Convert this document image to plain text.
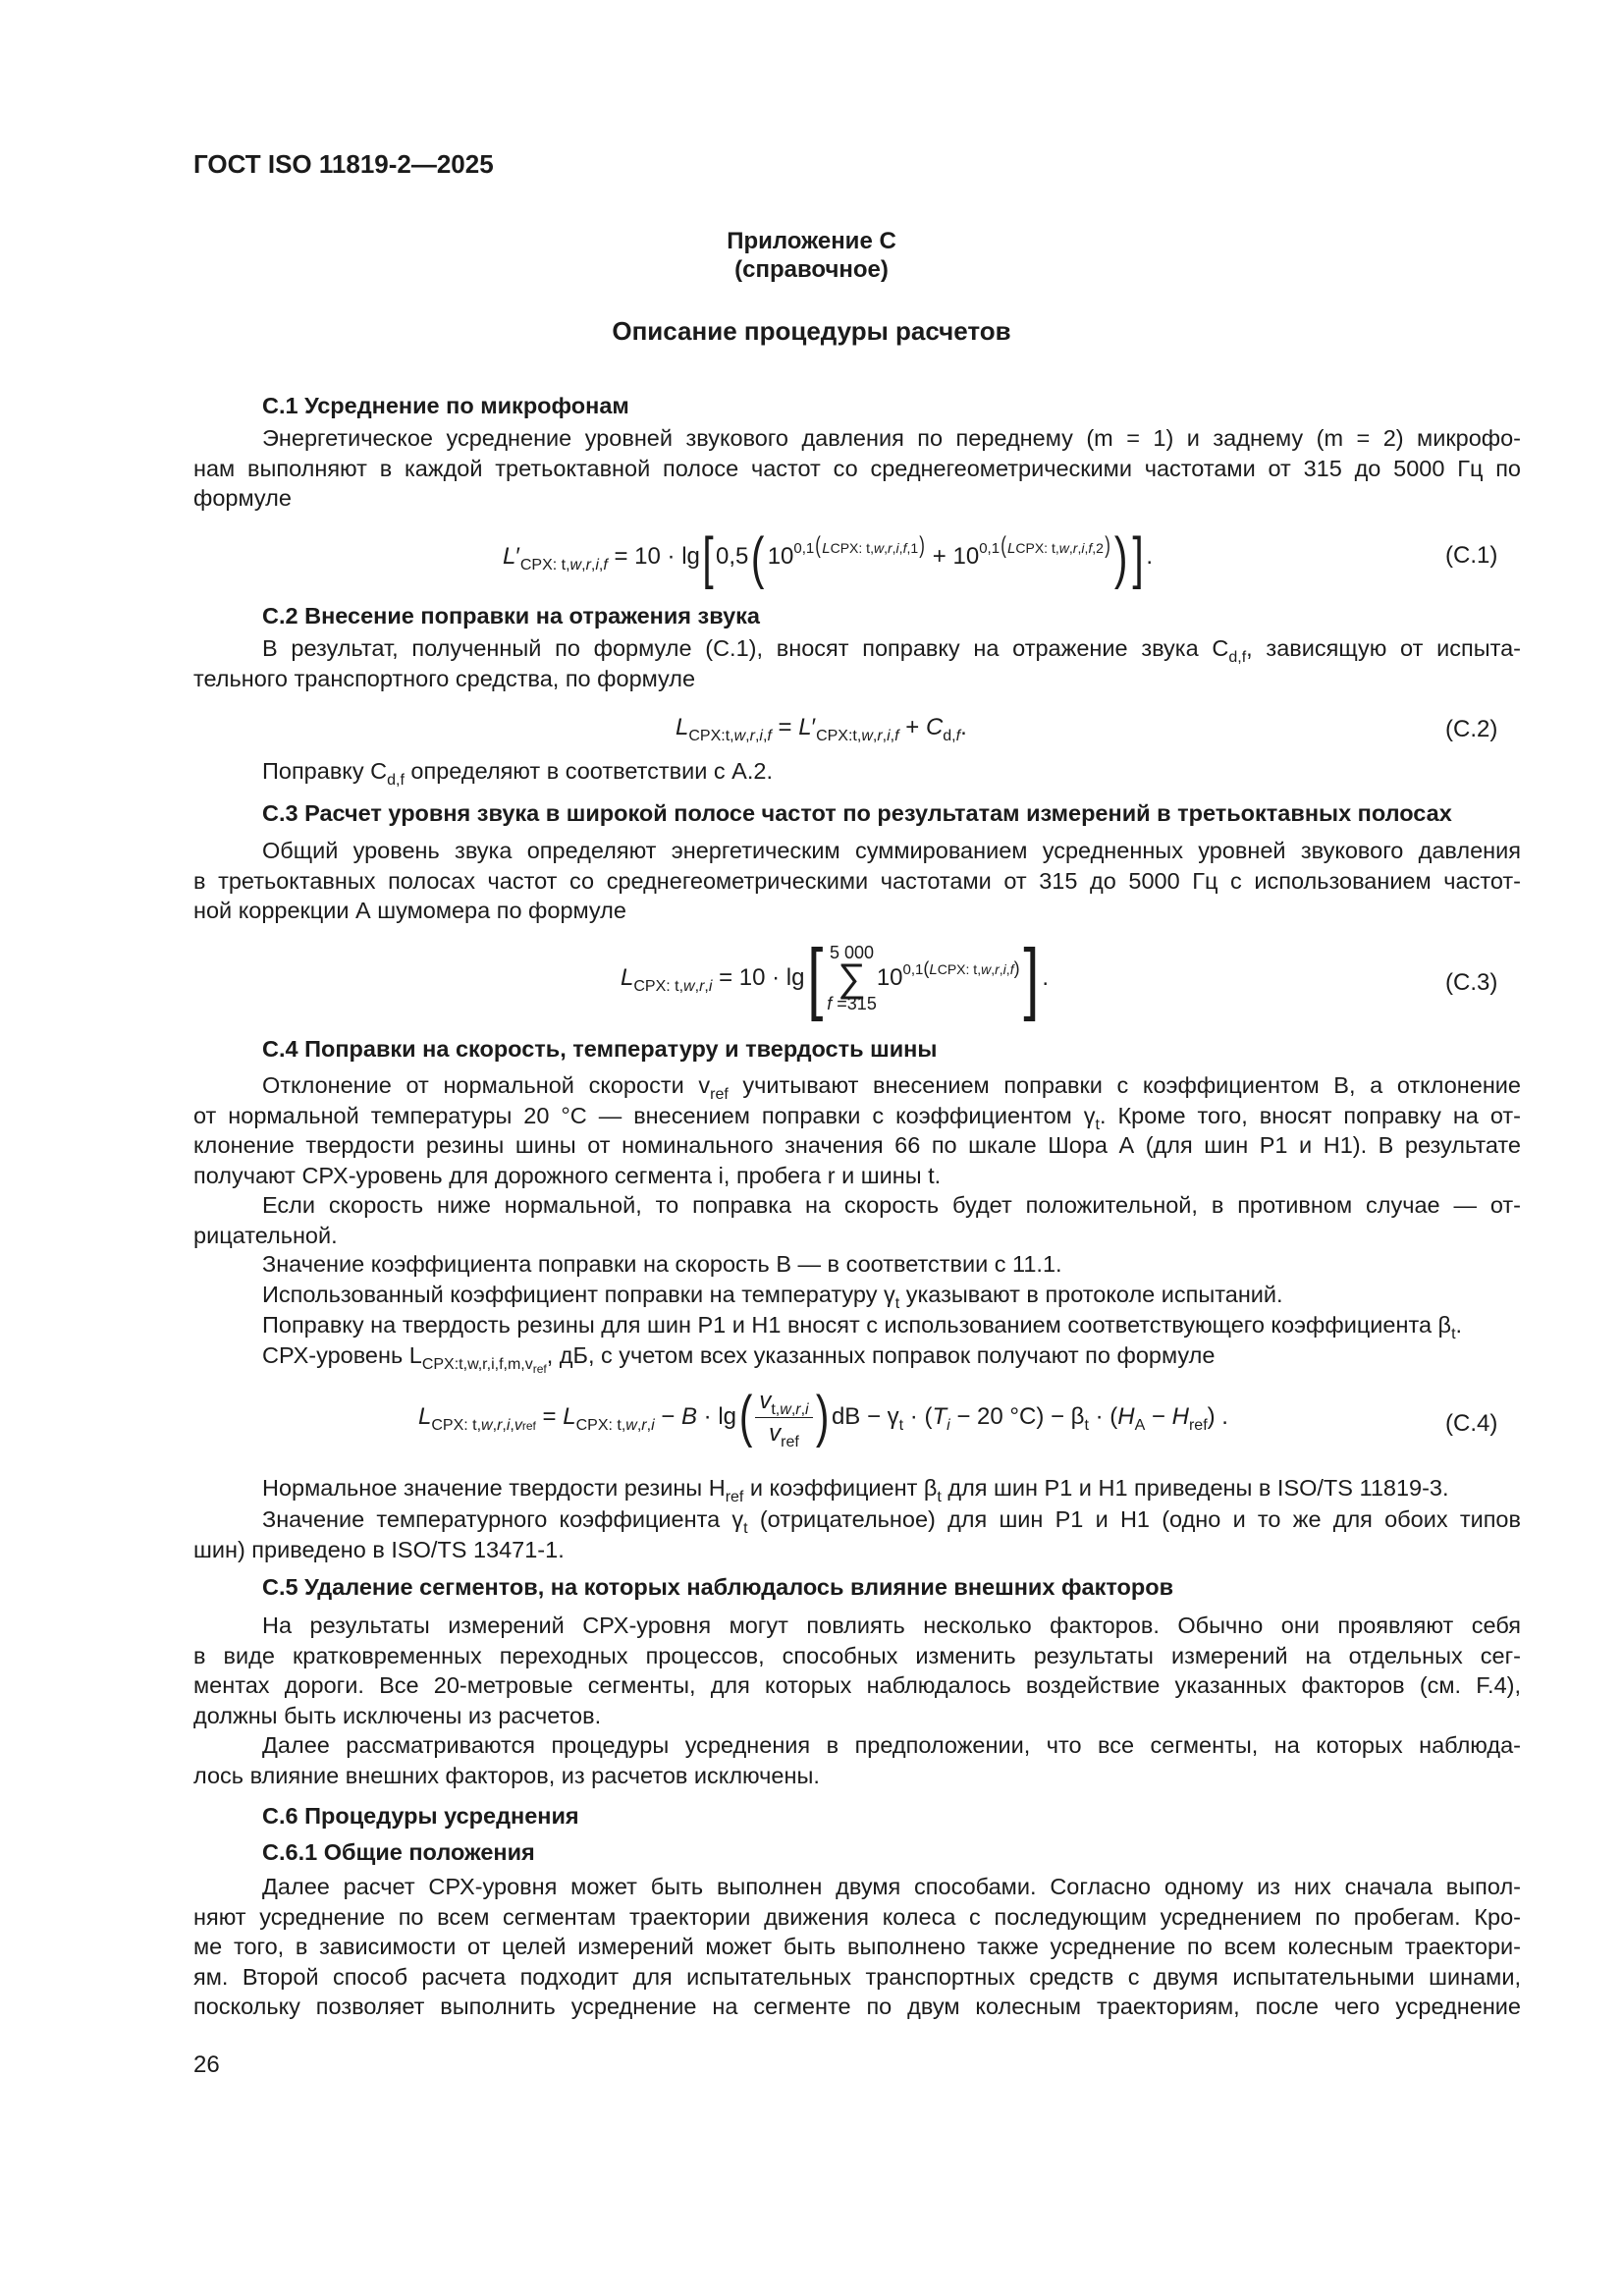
ГОСТ ISO 11819-2—2025
Приложение С
(справочное)
Описание процедуры расчетов
С.1 Усреднение по микрофонам
Энергетическое усреднение уровней звукового давления по переднему (m = 1) и заднему (m = 2) микрофо-
нам выполняют в каждой третьоктавной полосе частот со среднегеометрическими частотами от 315 до 5000 Гц по
формуле
$L'_{CPX: t,w,r,i,f} = 10 \cdot \lg$[ 0,5( $10^{0,1(LCPX: t,w,r,i,f,1)} + 10^{0,1(LCPX: t,w,r,i,f,2)}$)] .	(С.1)
С.2 Внесение поправки на отражения звука
В результат, полученный по формуле (С.1), вносят поправку на отражение звука $C_{d,f}$, зависящую от испыта-
тельного транспортного средства, по формуле
$L_{CPX:t,w,r,i,f} = L'_{CPX:t,w,r,i,f} + C_{d,f}$.	(С.2)
Поправку $C_{d,f}$ определяют в соответствии с А.2.
С.3 Расчет уровня звука в широкой полосе частот по результатам измерений в третьоктавных полосах
Общий уровень звука определяют энергетическим суммированием усредненных уровней звукового давления
в третьоктавных полосах частот со среднегеометрическими частотами от 315 до 5000 Гц с использованием частот-
ной коррекции А шумомера по формуле
$L_{CPX: t,w,r,i} = 10 \cdot \lg$[ 5 000
∑
f =315
$10^{0,1(LCPX: t,w,r,i,f)}$] .	(С.3)
С.4 Поправки на скорость, температуру и твердость шины
Отклонение от нормальной скорости $v_{ref}$ учитывают внесением поправки с коэффициентом B, а отклонение
от нормальной температуры 20 °С — внесением поправки с коэффициентом $\gamma_t$. Кроме того, вносят поправку на от-
клонение твердости резины шины от номинального значения 66 по шкале Шора А (для шин Р1 и Н1). В результате
получают СРХ-уровень для дорожного сегмента i, пробега r и шины t.
Если скорость ниже нормальной, то поправка на скорость будет положительной, в противном случае — от-
рицательной.
Значение коэффициента поправки на скорость B — в соответствии с 11.1.
Использованный коэффициент поправки на температуру $\gamma_t$ указывают в протоколе испытаний.
Поправку на твердость резины для шин Р1 и Н1 вносят с использованием соответствующего коэффициента $\beta_t$.
СРХ-уровень $L_{CPX:t,w,r,i,f,m,v_{ref}}$, дБ, с учетом всех указанных поправок получают по формуле
$L_{CPX: t,w,r,i,vref} = L_{CPX: t,w,r,i} - B \cdot \lg( \frac{v_{t,w,r,i}}{v_{ref}}$ ) dB − $\gamma_t \cdot (T_i - 20$ $^\circ C) - \beta_t \cdot (H_A - H_{ref})$ .	(С.4)
Нормальное значение твердости резины $H_{ref}$ и коэффициент $\beta_t$ для шин Р1 и Н1 приведены в ISO/TS 11819-3.
Значение температурного коэффициента $\gamma_t$ (отрицательное) для шин Р1 и Н1 (одно и то же для обоих типов
шин) приведено в ISO/TS 13471-1.
С.5 Удаление сегментов, на которых наблюдалось влияние внешних факторов
На результаты измерений СРХ-уровня могут повлиять несколько факторов. Обычно они проявляют себя
в виде кратковременных переходных процессов, способных изменить результаты измерений на отдельных сег-
ментах дороги. Все 20-метровые сегменты, для которых наблюдалось воздействие указанных факторов (см. F.4),
должны быть исключены из расчетов.
Далее рассматриваются процедуры усреднения в предположении, что все сегменты, на которых наблюда-
лось влияние внешних факторов, из расчетов исключены.
С.6 Процедуры усреднения
С.6.1 Общие положения
Далее расчет СРХ-уровня может быть выполнен двумя способами. Согласно одному из них сначала выпол-
няют усреднение по всем сегментам траектории движения колеса с последующим усреднением по пробегам. Кро-
ме того, в зависимости от целей измерений может быть выполнено также усреднение по всем колесным траектори-
ям. Второй способ расчета подходит для испытательных транспортных средств с двумя испытательными шинами,
поскольку позволяет выполнить усреднение на сегменте по двум колесным траекториям, после чего усреднение
26
